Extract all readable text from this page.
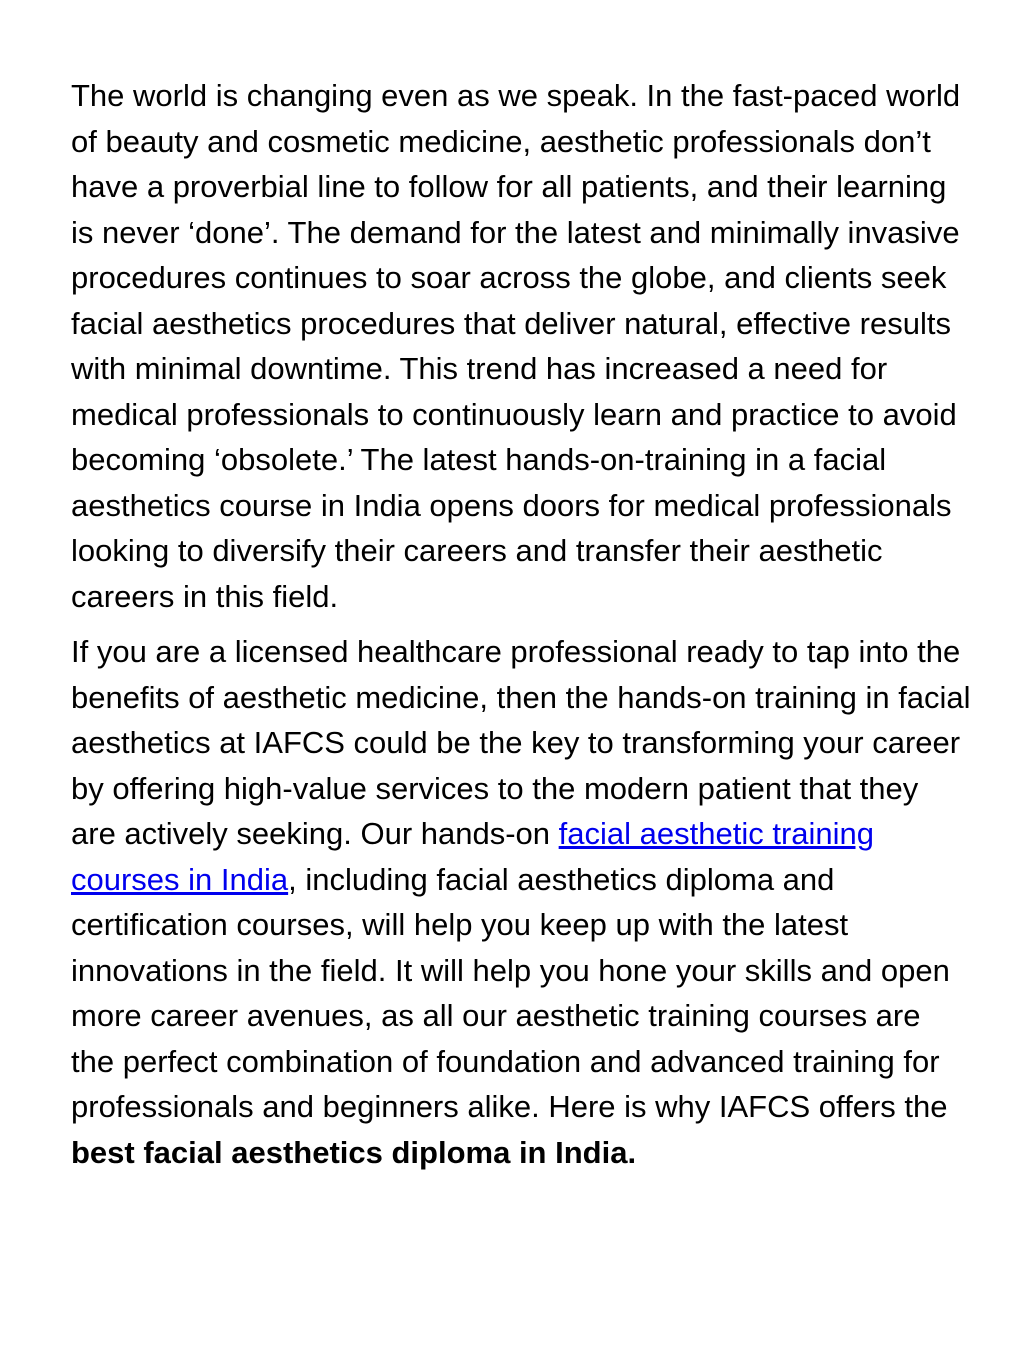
The world is changing even as we speak. In the fast-paced world of beauty and cosmetic medicine, aesthetic professionals don’t have a proverbial line to follow for all patients, and their learning is never ‘done’. The demand for the latest and minimally invasive procedures continues to soar across the globe, and clients seek facial aesthetics procedures that deliver natural, effective results with minimal downtime. This trend has increased a need for medical professionals to continuously learn and practice to avoid becoming ‘obsolete.’ The latest hands-on-training in a facial aesthetics course in India opens doors for medical professionals looking to diversify their careers and transfer their aesthetic careers in this field.

If you are a licensed healthcare professional ready to tap into the benefits of aesthetic medicine, then the hands-on training in facial aesthetics at IAFCS could be the key to transforming your career by offering high-value services to the modern patient that they are actively seeking. Our hands-on facial aesthetic training courses in India, including facial aesthetics diploma and certification courses, will help you keep up with the latest innovations in the field. It will help you hone your skills and open more career avenues, as all our aesthetic training courses are the perfect combination of foundation and advanced training for professionals and beginners alike. Here is why IAFCS offers the best facial aesthetics diploma in India.
